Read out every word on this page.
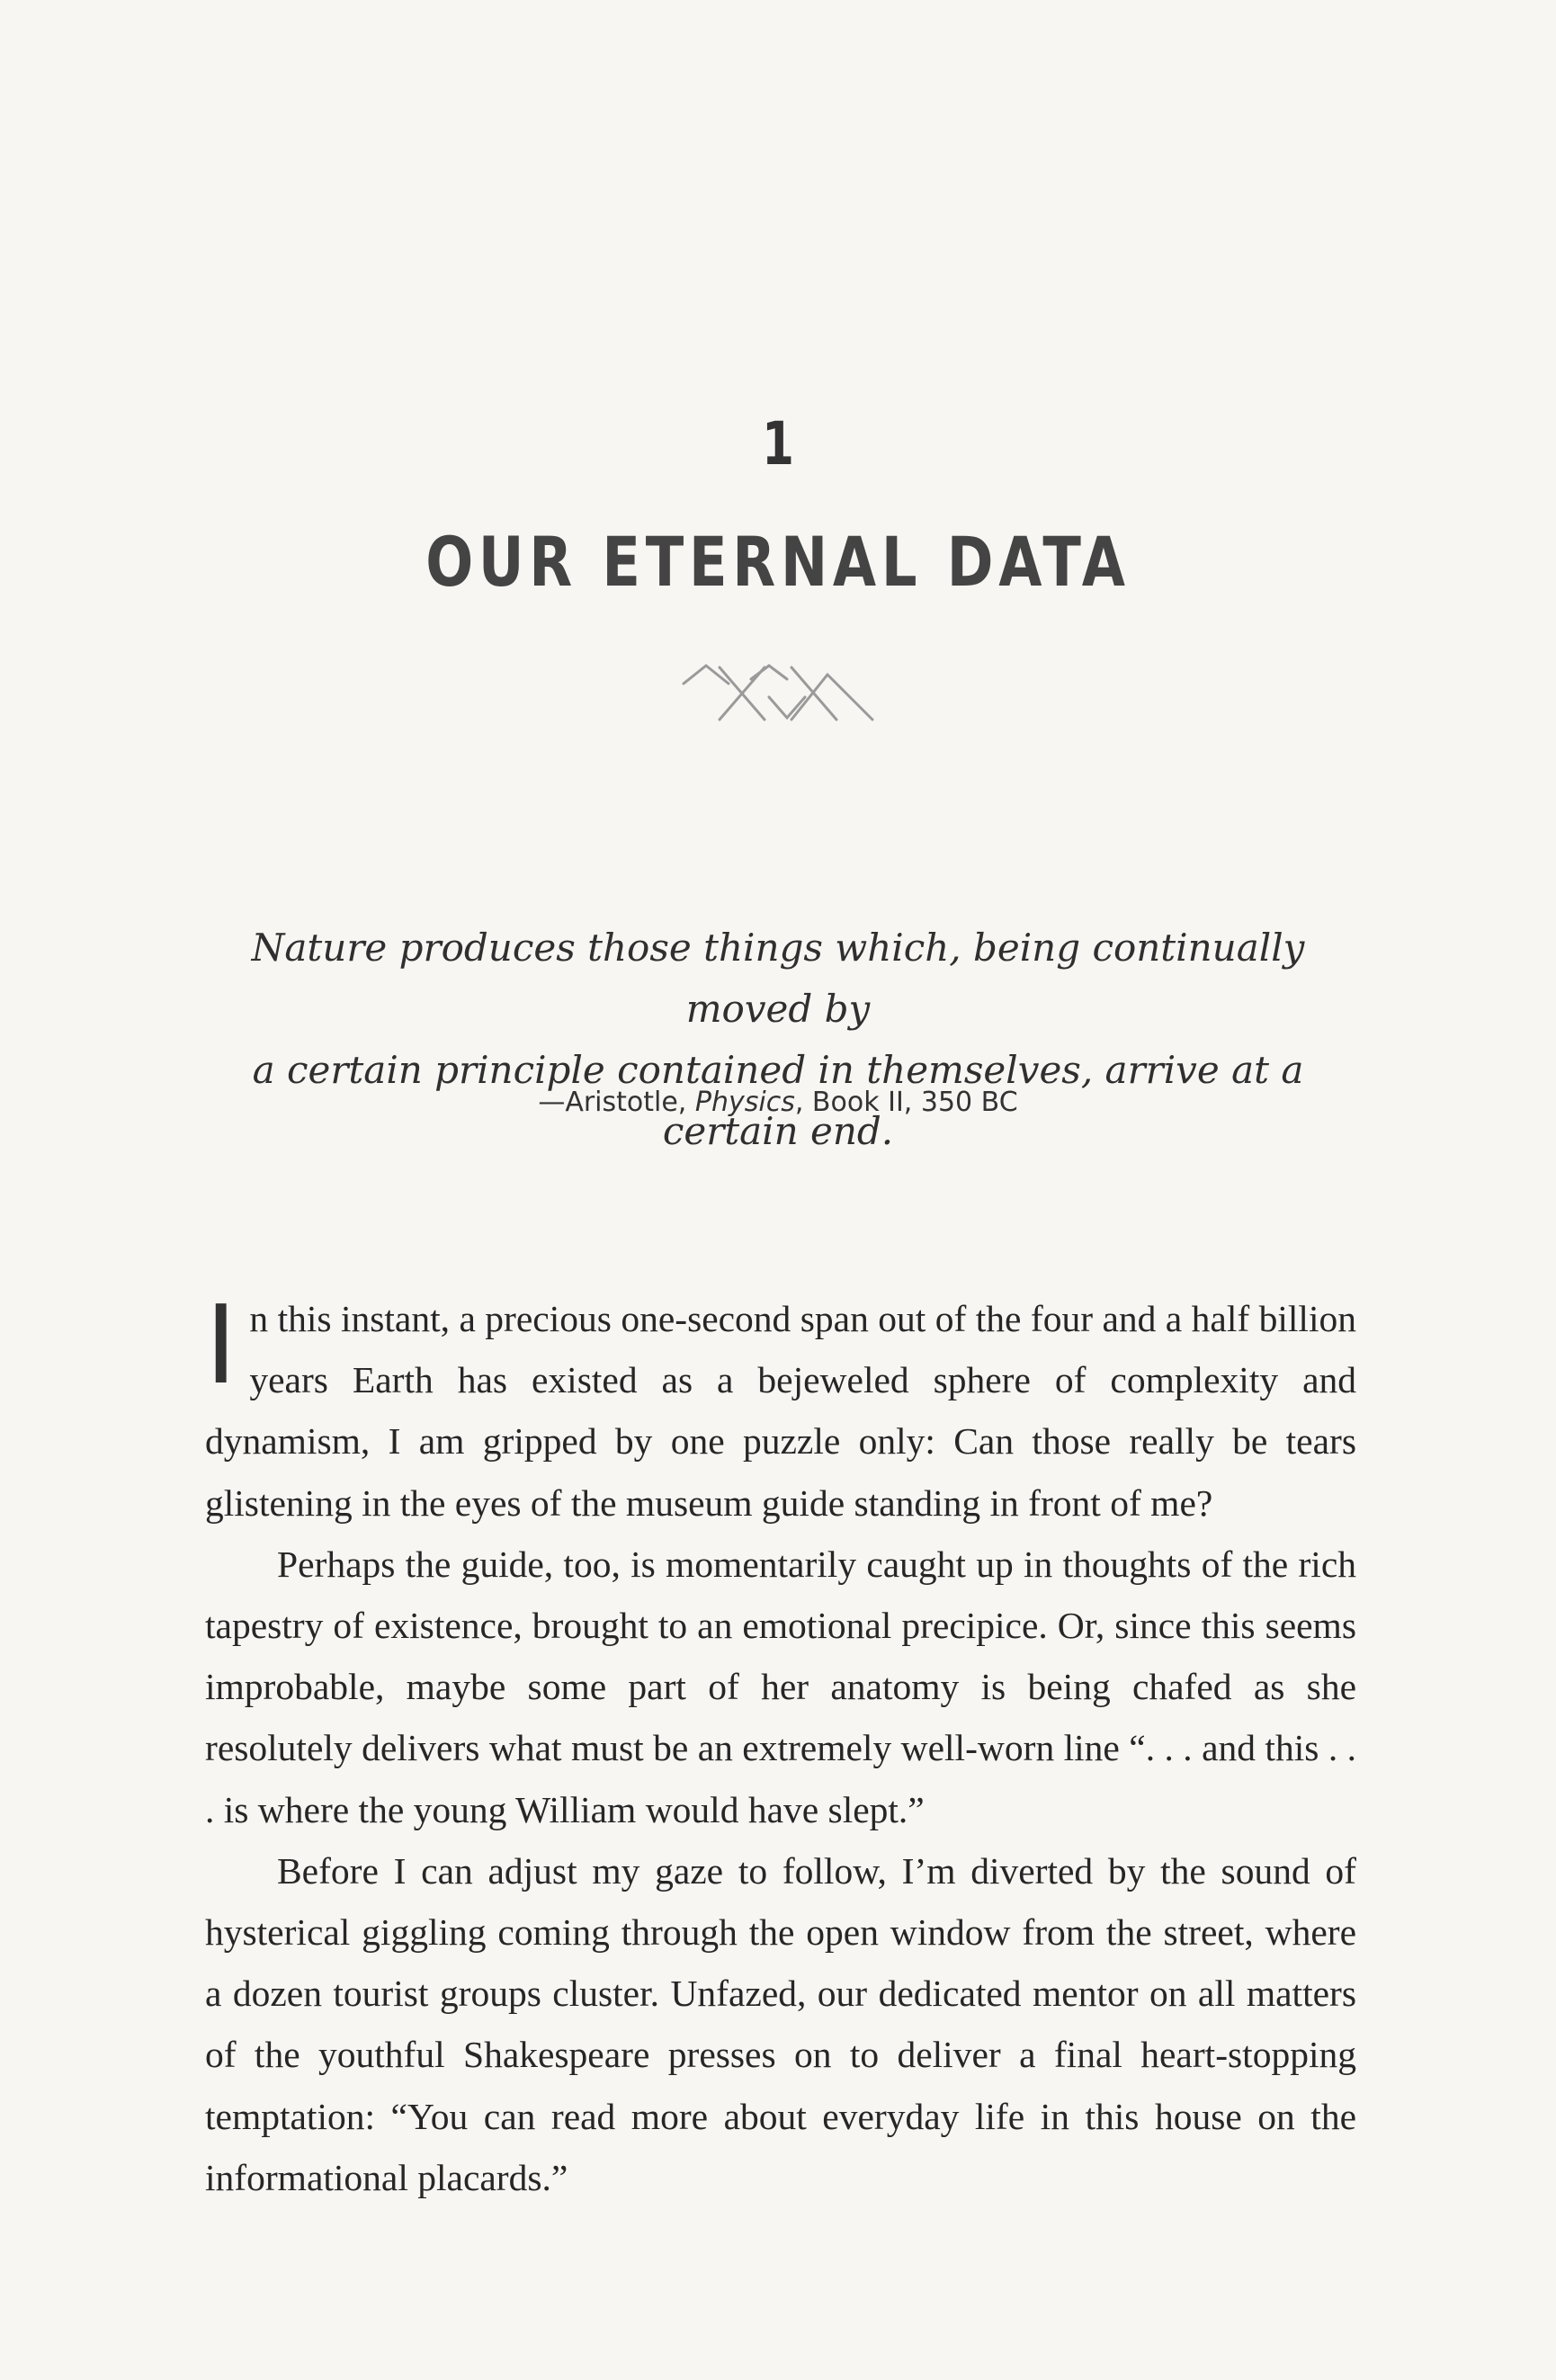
1
OUR ETERNAL DATA

Nature produces those things which, being continually moved by

a certain principle contained in themselves, arrive at a certain end.

—Aristotle, Physics, Book II, 350 BC

In this instant, a precious one-second span out of the four and a half billion years Earth has existed as a bejeweled sphere of complexity and dynamism, I am gripped by one puzzle only: Can those really be tears glistening in the eyes of the museum guide standing in front of me?

Perhaps the guide, too, is momentarily caught up in thoughts of the rich tapestry of existence, brought to an emotional precipice. Or, since this seems improbable, maybe some part of her anatomy is being chafed as she resolutely delivers what must be an extremely well-worn line “. . . and this . . . is where the young William would have slept.”

Before I can adjust my gaze to follow, I’m diverted by the sound of hysterical giggling coming through the open window from the street, where a dozen tourist groups cluster. Unfazed, our dedicated mentor on all matters of the youthful Shakespeare presses on to deliver a final heart-stopping temptation: “You can read more about everyday life in this house on the informational placards.”
